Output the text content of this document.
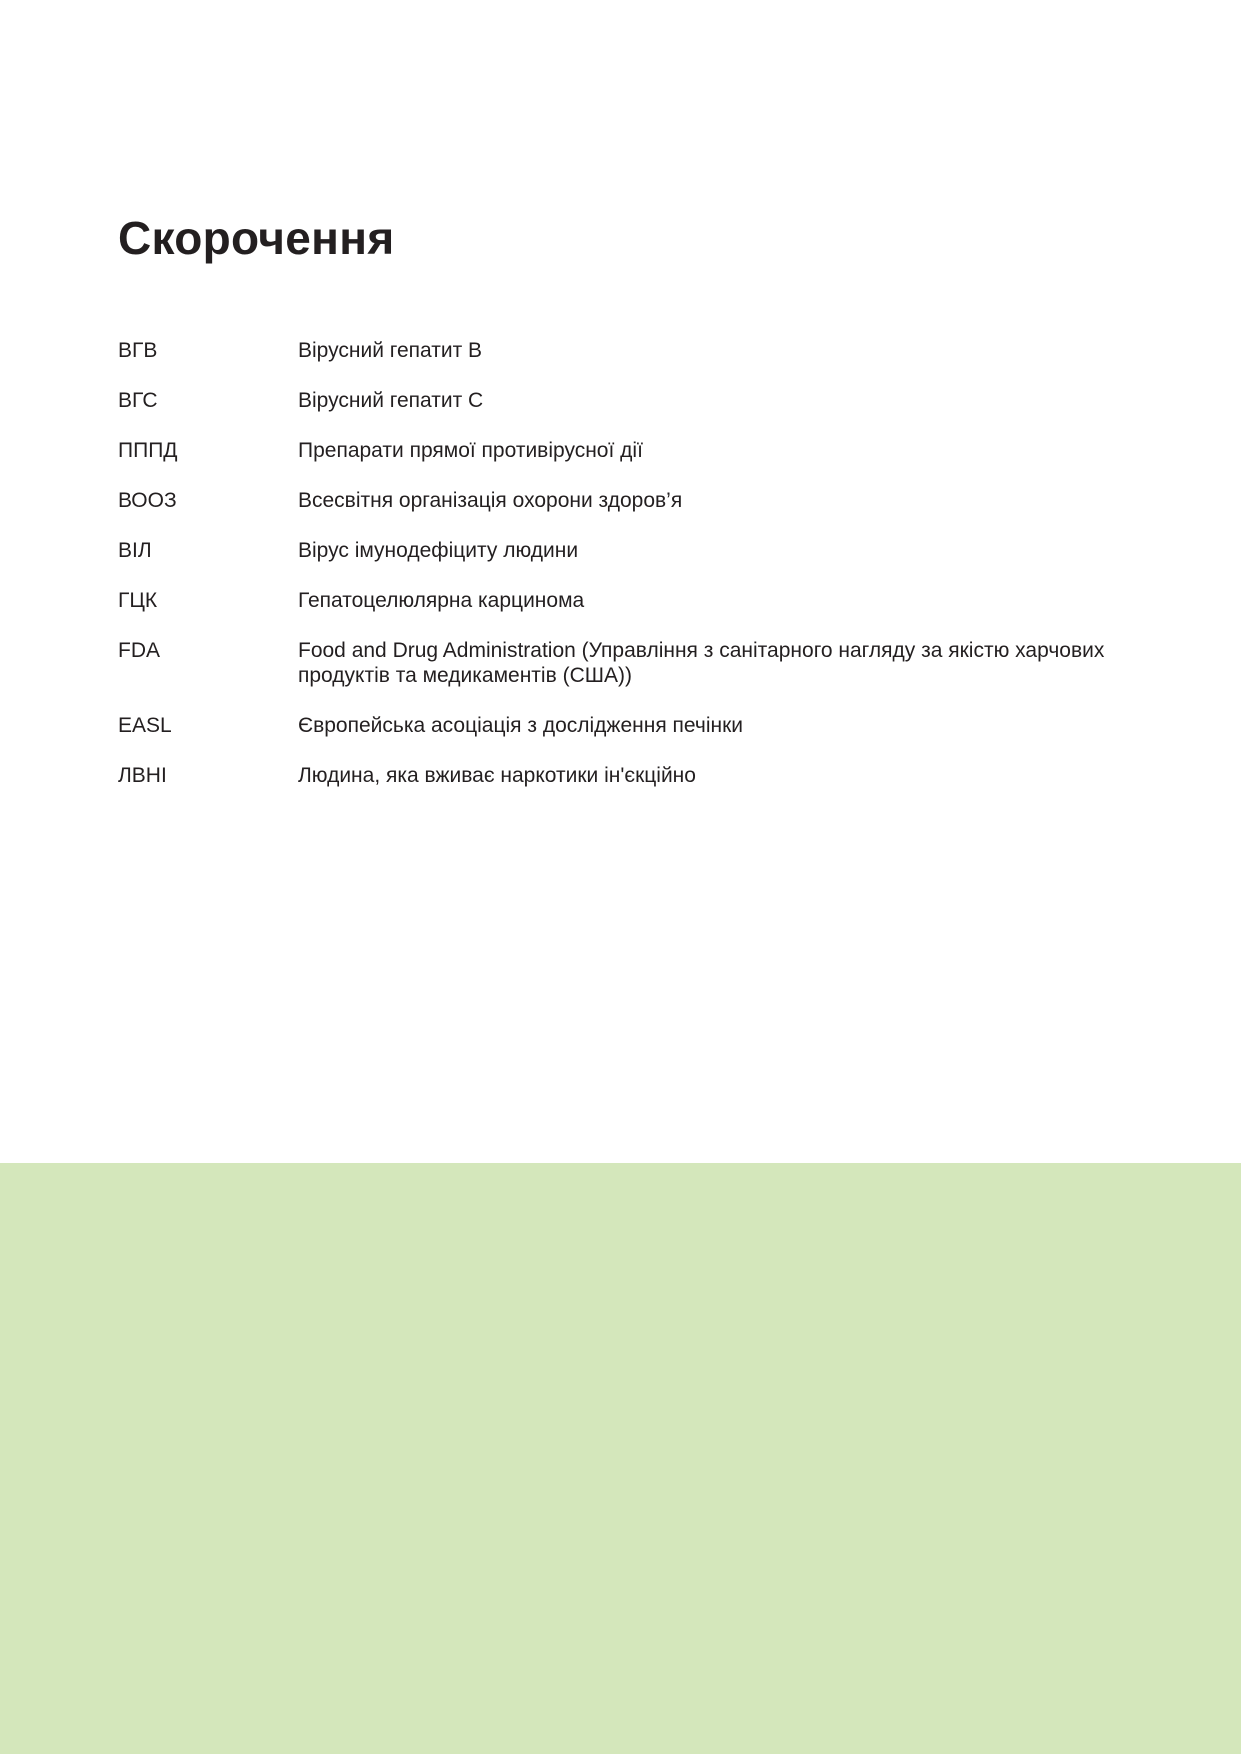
Скорочення
ВГВ	Вірусний гепатит В
ВГС	Вірусний гепатит С
ПППД	Препарати прямої противірусної дії
ВООЗ	Всесвітня організація охорони здоров’я
ВІЛ	Вірус імунодефіциту людини
ГЦК	Гепатоцелюлярна карцинома
FDA	Food and Drug Administration (Управління з санітарного нагляду за якістю харчових продуктів та медикаментів (США))
EASL	Європейська асоціація з дослідження печінки
ЛВНІ	Людина, яка вживає наркотики ін'єкційно
